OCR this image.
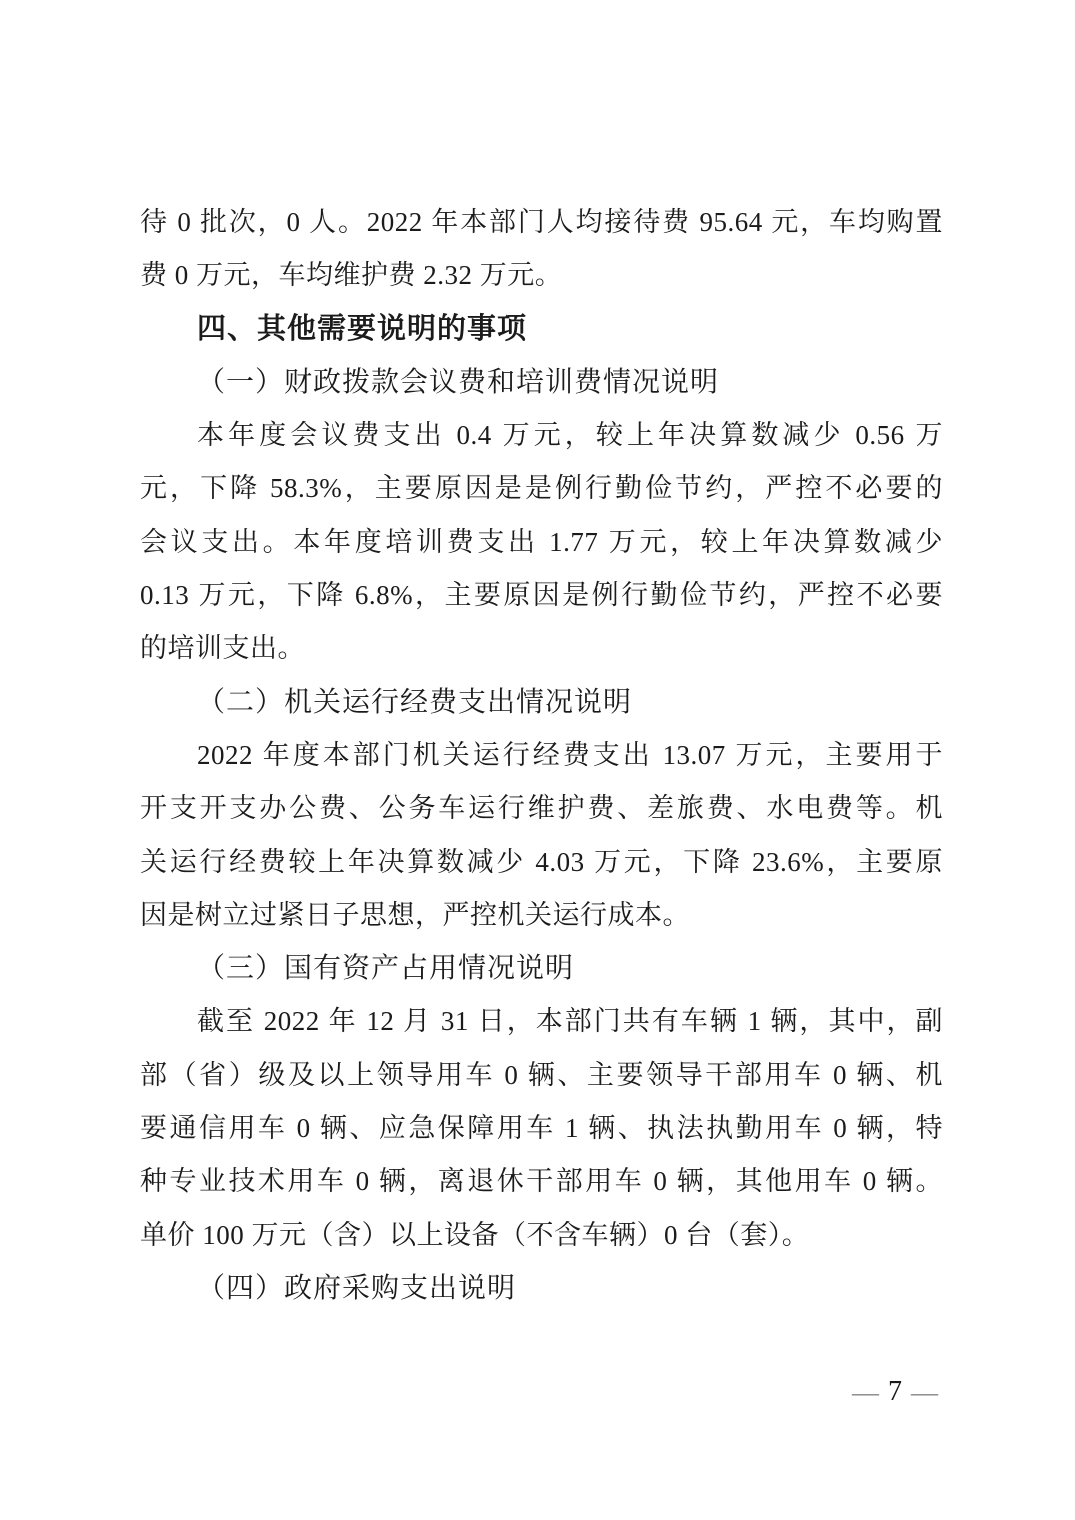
待 0 批次，0 人。2022 年本部门人均接待费 95.64 元，车均购置
费 0 万元，车均维护费 2.32 万元。
四、其他需要说明的事项
（一）财政拨款会议费和培训费情况说明
本年度会议费支出 0.4 万元，较上年决算数减少 0.56 万
元，下降 58.3%，主要原因是是例行勤俭节约，严控不必要的
会议支出。本年度培训费支出 1.77 万元，较上年决算数减少
0.13 万元，下降 6.8%，主要原因是例行勤俭节约，严控不必要
的培训支出。
（二）机关运行经费支出情况说明
2022 年度本部门机关运行经费支出 13.07 万元，主要用于
开支开支办公费、公务车运行维护费、差旅费、水电费等。机
关运行经费较上年决算数减少 4.03 万元，下降 23.6%，主要原
因是树立过紧日子思想，严控机关运行成本。
（三）国有资产占用情况说明
截至 2022 年 12 月 31 日，本部门共有车辆 1 辆，其中，副
部（省）级及以上领导用车 0 辆、主要领导干部用车 0 辆、机
要通信用车 0 辆、应急保障用车 1 辆、执法执勤用车 0 辆，特
种专业技术用车 0 辆，离退休干部用车 0 辆，其他用车 0 辆。
单价 100 万元（含）以上设备（不含车辆）0 台（套）。
（四）政府采购支出说明
— 7 —
